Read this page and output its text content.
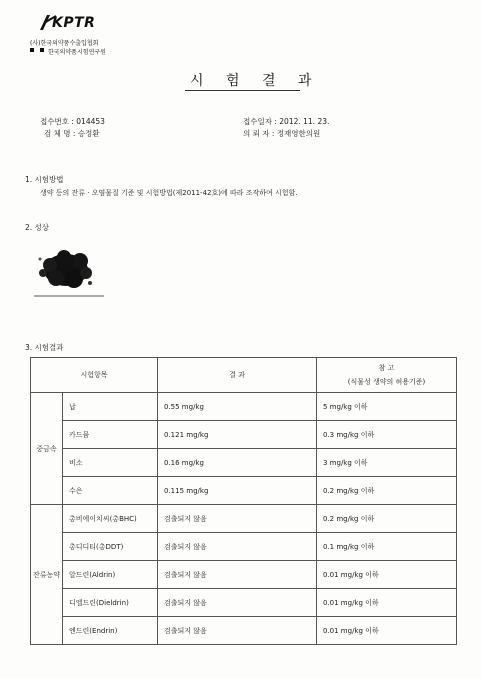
KPTR
(사)한국의약품수출입협회
한국의약품시험연구원
시 험 결 과
접수번호 : 014453	접수일자 : 2012. 11. 23.
검 체 명 : 승정환	의 뢰 자 : 정재영한의원
1. 시험방법
생약 등의 잔류 · 오염물질 기준 및 시험방법(제2011-42호)에 따라 조작하여 시험함.
2. 성상
3. 시험결과
시험항목		결 과	참 고
(식물성 생약의 허용기준)

중금속	납	0.55 mg/kg	5 mg/kg 이하
	카드뮴	0.121 mg/kg	0.3 mg/kg 이하
	비소	0.16 mg/kg	3 mg/kg 이하
	수은	0.115 mg/kg	0.2 mg/kg 이하
잔류농약	총비에이치씨(총BHC)	검출되지 않음	0.2 mg/kg 이하
	총디디티(총DDT)	검출되지 않음	0.1 mg/kg 이하
	알드린(Aldrin)	검출되지 않음	0.01 mg/kg 이하
	디엘드린(Dieldrin)	검출되지 않음	0.01 mg/kg 이하
	엔드린(Endrin)	검출되지 않음	0.01 mg/kg 이하
